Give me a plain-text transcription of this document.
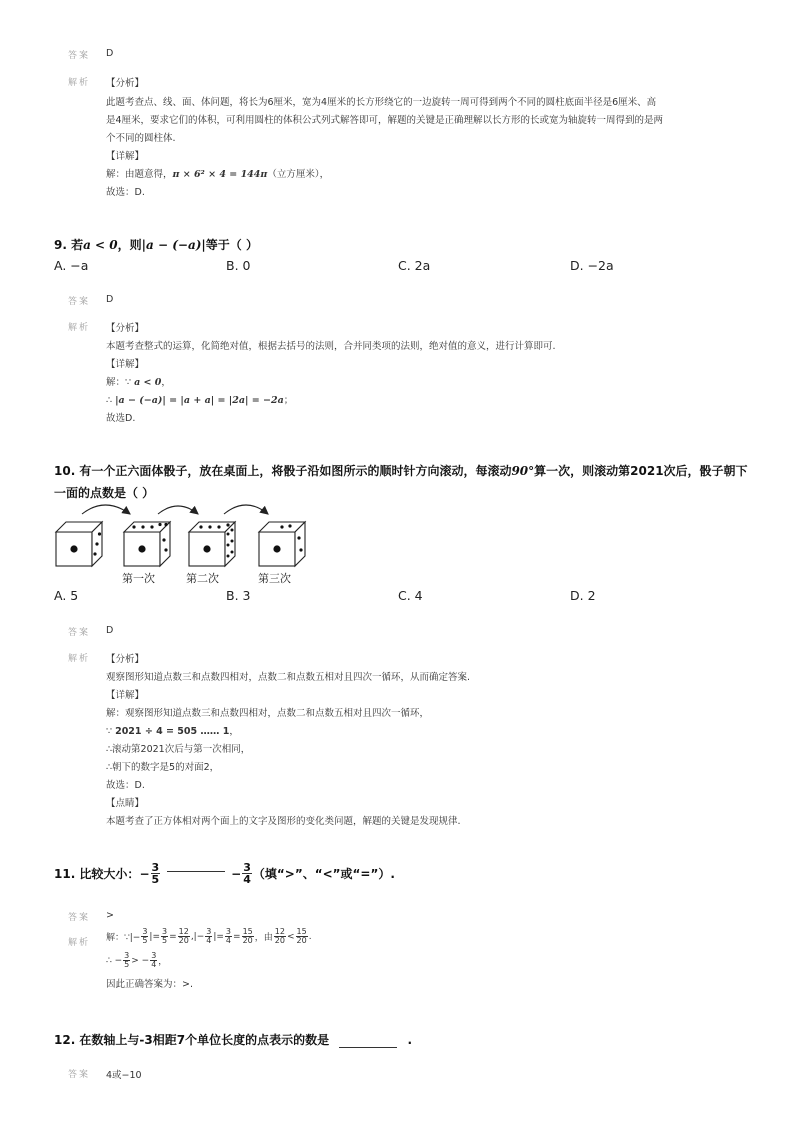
答案 D
解析 【分析】
此题考查点、线、面、体问题，将长为6厘米，宽为4厘米的长方形绕它的一边旋转一周可得到两个不同的圆柱底面半径是6厘米、高
是4厘米，要求它们的体积，可利用圆柱的体积公式列式解答即可，解题的关键是正确理解以长方形的长或宽为轴旋转一周得到的是两
个不同的圆柱体.
【详解】
解：由题意得，π × 6² × 4 = 144π（立方厘米），
故选：D.
9. 若a < 0，则|a − (−a)|等于（ ）
A. −a	B. 0	C. 2a	D. −2a
答案 D
解析 【分析】
本题考查整式的运算，化简绝对值，根据去括号的法则，合并同类项的法则，绝对值的意义，进行计算即可.
【详解】
解：∵ a < 0，
∴ |a − (−a)| = |a + a| = |2a| = −2a；
故选D.
10. 有一个正六面体骰子，放在桌面上，将骰子沿如图所示的顺时针方向滚动，每滚动90°算一次，则滚动第2021次后，骰子朝下
一面的点数是（ ）
第一次	第二次	第三次
A. 5	B. 3	C. 4	D. 2
答案 D
解析 【分析】
观察图形知道点数三和点数四相对，点数二和点数五相对且四次一循环，从而确定答案.
【详解】
解：观察图形知道点数三和点数四相对，点数二和点数五相对且四次一循环，
∵ 2021 ÷ 4 = 505 …… 1，
∴滚动第2021次后与第一次相同，
∴朝下的数字是5的对面2，
故选：D.
【点睛】
本题考查了正方体相对两个面上的文字及图形的变化类问题，解题的关键是发现规律.
11. 比较大小： − $\frac{3}{5}$	− $\frac{3}{4}$ （填“>”、“<”或“=”）.
答案 >
解析 解：∵|− $\frac{3}{5}$ |= $\frac{3}{5} = \frac{12}{20}$ ,|− $\frac{3}{4}$ |= $\frac{3}{4} = \frac{15}{20}$ ，由 $\frac{12}{20} < \frac{15}{20}$ .
∴ − $\frac{3}{5}$ > − $\frac{3}{4}$ ，
因此正确答案为：>.
12. 在数轴上与-3相距7个单位长度的点表示的数是	.
答案 4或−10
